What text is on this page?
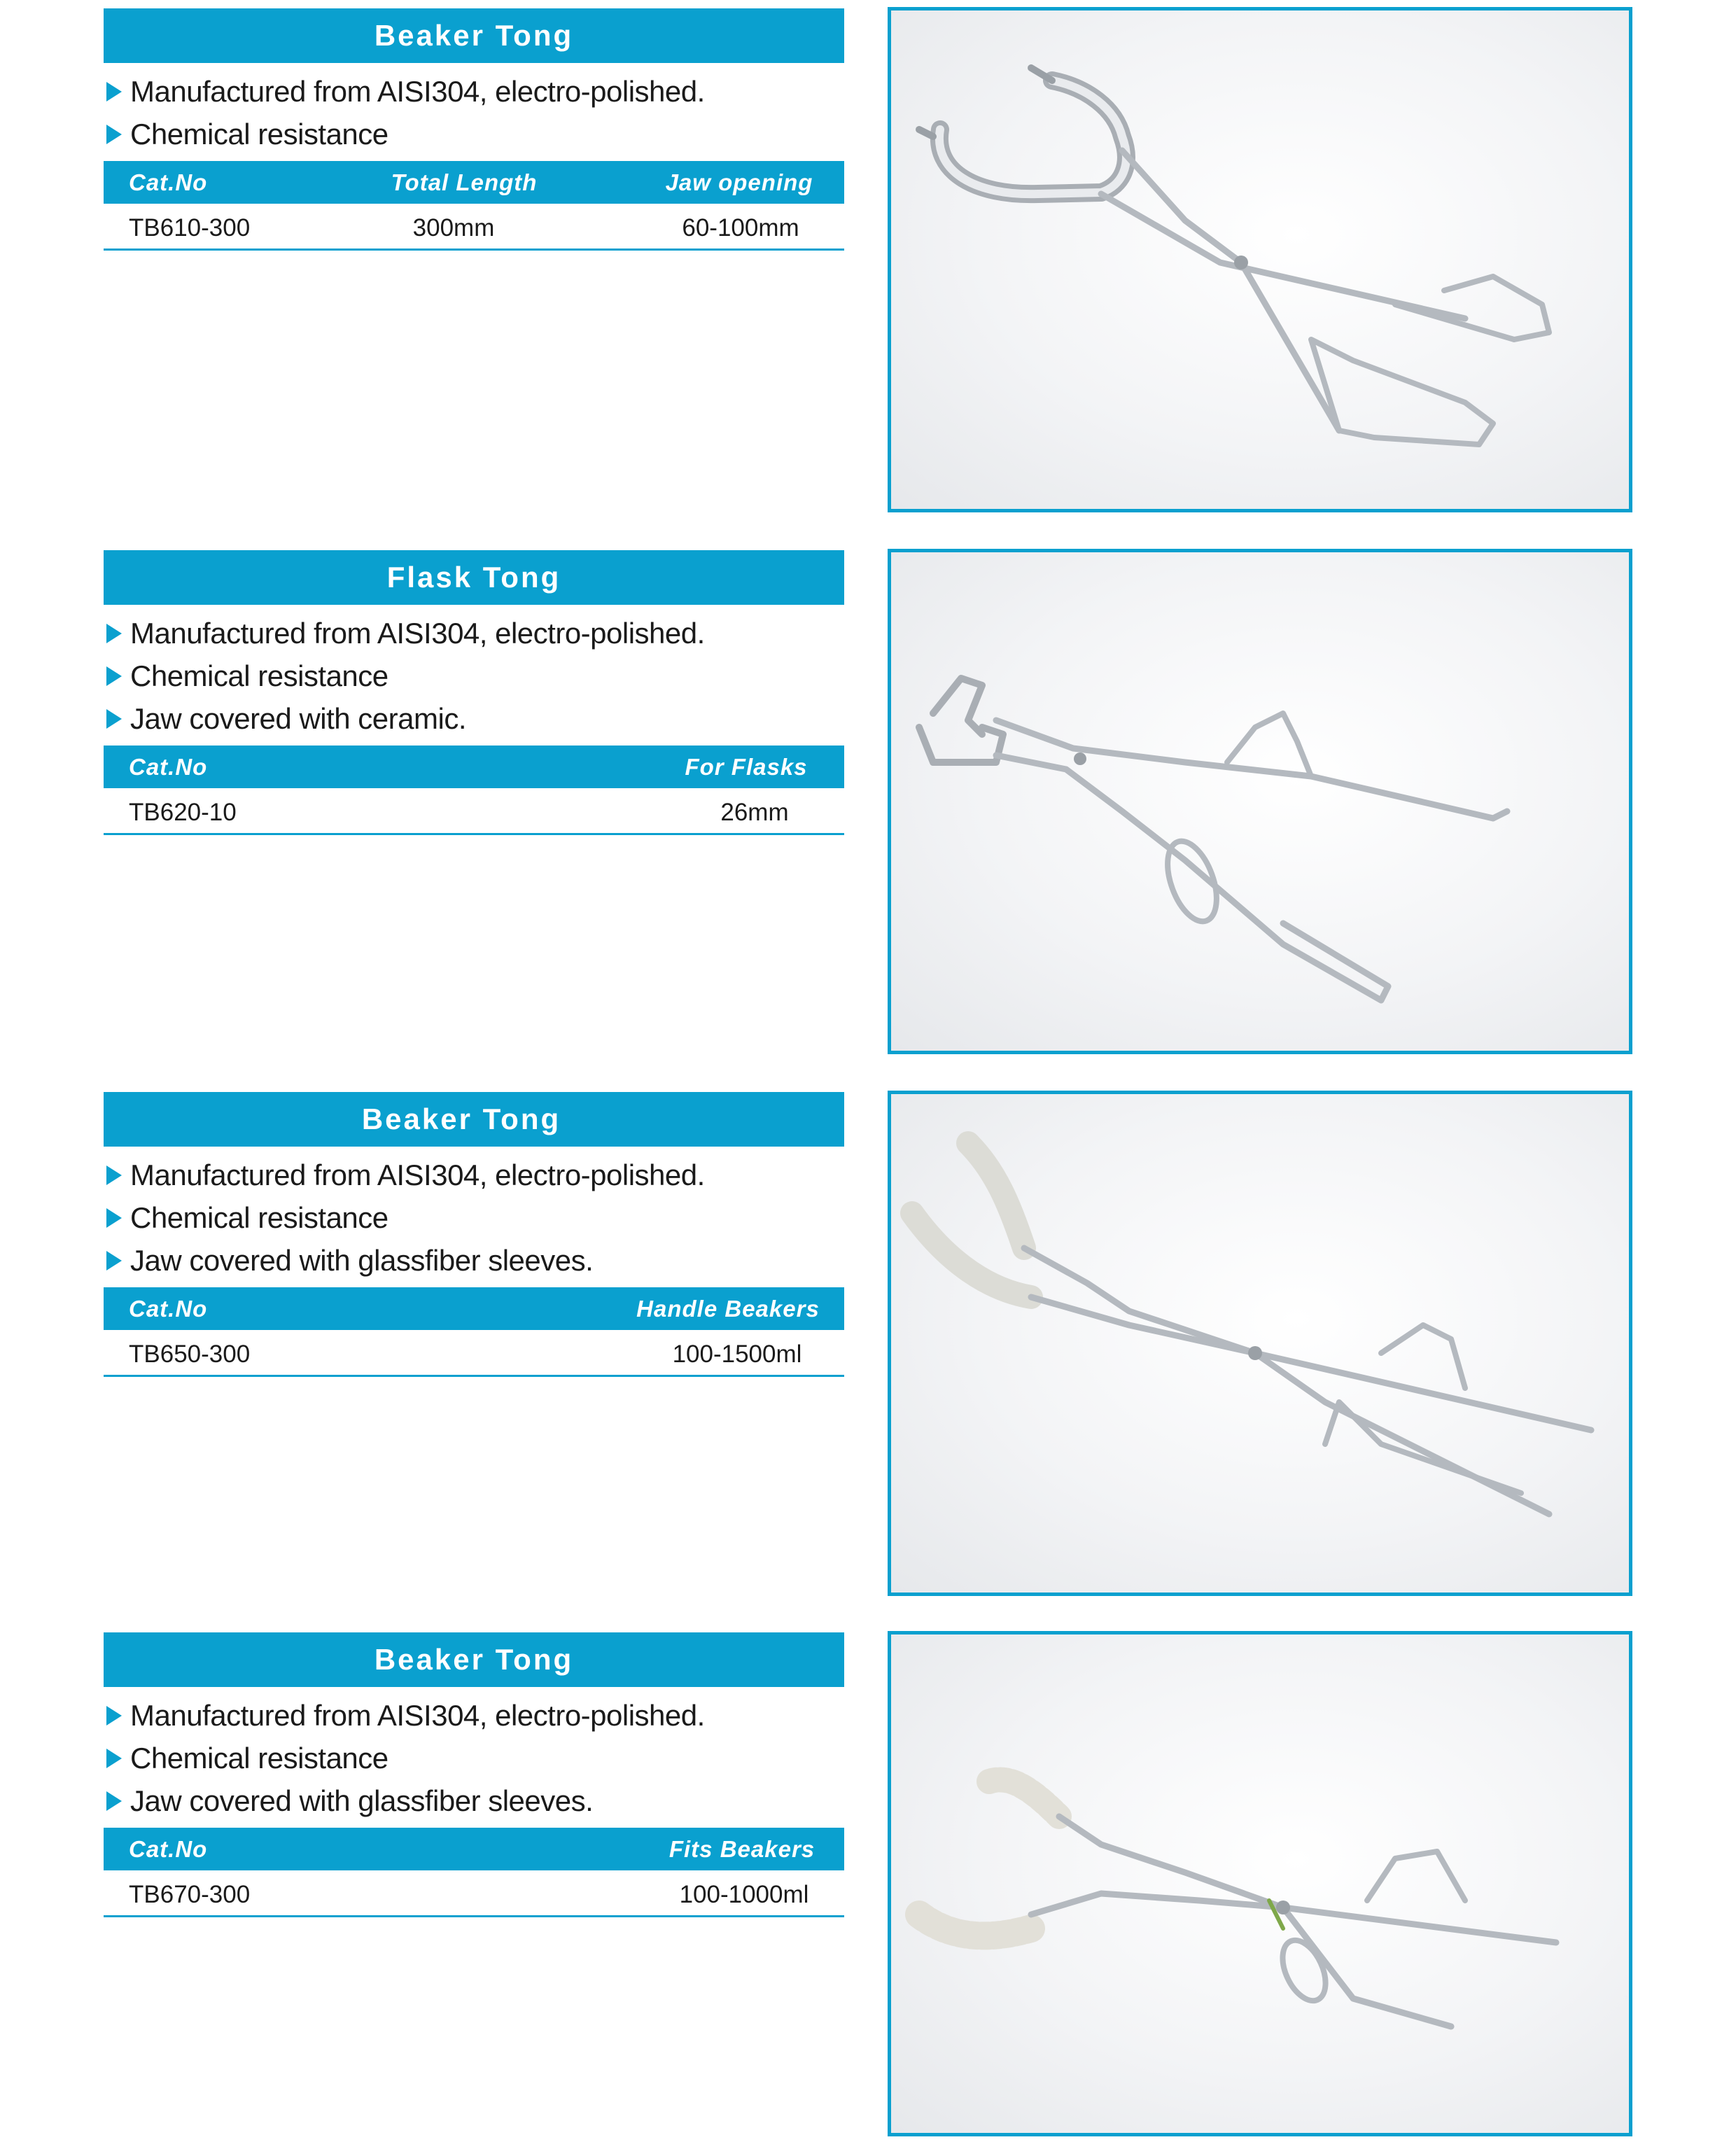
Beaker Tong
Manufactured from AISI304, electro-polished.
Chemical resistance
Cat.No	Total Length	Jaw opening
TB610-300	300mm	60-100mm
Flask Tong
Manufactured from AISI304, electro-polished.
Chemical resistance
Jaw covered with ceramic.
Cat.No	For Flasks
TB620-10	26mm
Beaker Tong
Manufactured from AISI304, electro-polished.
Chemical resistance
Jaw covered with glassfiber sleeves.
Cat.No	Handle Beakers
TB650-300	100-1500ml
Beaker Tong
Manufactured from AISI304, electro-polished.
Chemical resistance
Jaw covered with glassfiber sleeves.
Cat.No	Fits Beakers
TB670-300	100-1000ml
